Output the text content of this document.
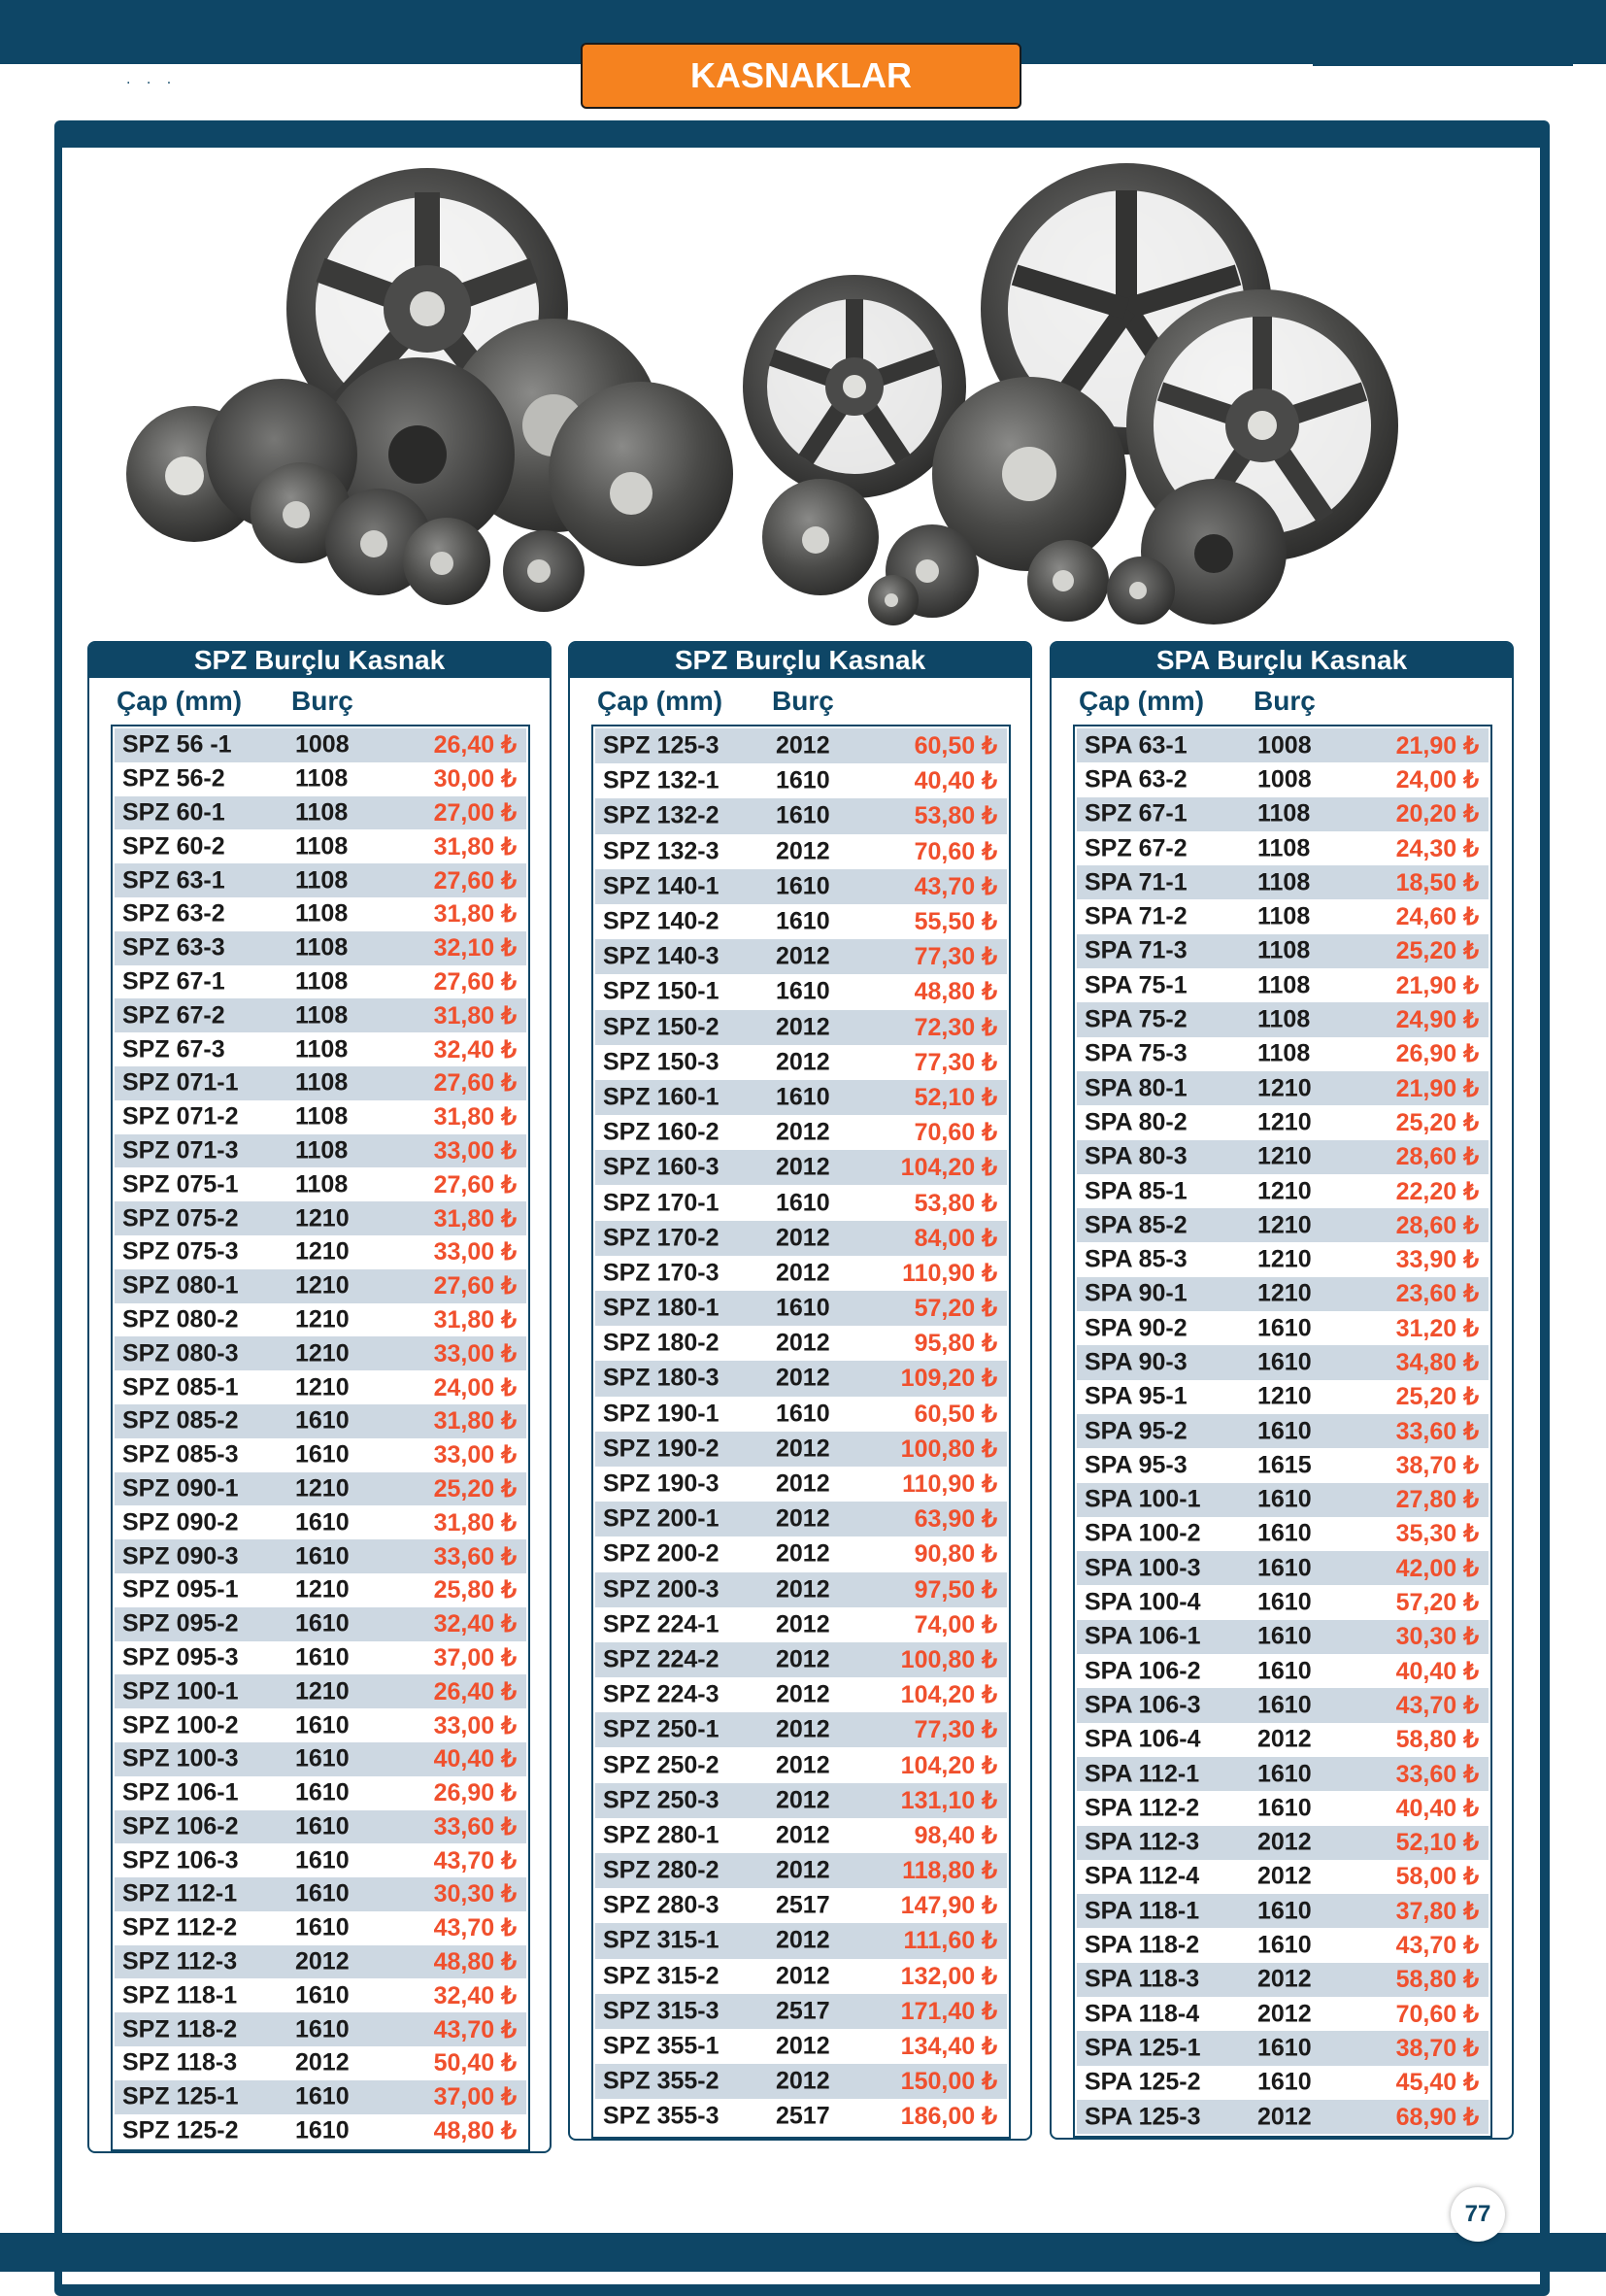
. . .	KASNAKLAR
SPZ Burçlu Kasnak
Çap (mm) Burç
SPZ 56 -1	1008	26,40 ₺
SPZ 56-2	1108	30,00 ₺
SPZ 60-1	1108	27,00 ₺
SPZ 60-2	1108	31,80 ₺
SPZ 63-1	1108	27,60 ₺
SPZ 63-2	1108	31,80 ₺
SPZ 63-3	1108	32,10 ₺
SPZ 67-1	1108	27,60 ₺
SPZ 67-2	1108	31,80 ₺
SPZ 67-3	1108	32,40 ₺
SPZ 071-1 1108	27,60 ₺
SPZ 071-2 1108	31,80 ₺
SPZ 071-3 1108	33,00 ₺
SPZ 075-1 1108	27,60 ₺
SPZ 075-2 1210	31,80 ₺
SPZ 075-3 1210	33,00 ₺
SPZ 080-1 1210	27,60 ₺
SPZ 080-2 1210	31,80 ₺
SPZ 080-3 1210	33,00 ₺
SPZ 085-1 1210	24,00 ₺
SPZ 085-2 1610	31,80 ₺
SPZ 085-3 1610	33,00 ₺
SPZ 090-1 1210	25,20 ₺
SPZ 090-2 1610	31,80 ₺
SPZ 090-3 1610	33,60 ₺
SPZ 095-1 1210	25,80 ₺
SPZ 095-2 1610	32,40 ₺
SPZ 095-3 1610	37,00 ₺
SPZ 100-1 1210	26,40 ₺
SPZ 100-2 1610	33,00 ₺
SPZ 100-3 1610	40,40 ₺
SPZ 106-1 1610	26,90 ₺
SPZ 106-2 1610	33,60 ₺
SPZ 106-3 1610	43,70 ₺
SPZ 112-1 1610	30,30 ₺
SPZ 112-2 1610	43,70 ₺
SPZ 112-3 2012	48,80 ₺
SPZ 118-1 1610	32,40 ₺
SPZ 118-2 1610	43,70 ₺
SPZ 118-3 2012	50,40 ₺
SPZ 125-1 1610	37,00 ₺
SPZ 125-2 1610	48,80 ₺
SPZ Burçlu Kasnak
Çap (mm) Burç
SPZ 125-3 2012	60,50 ₺
SPZ 132-1 1610	40,40 ₺
SPZ 132-2 1610	53,80 ₺
SPZ 132-3 2012	70,60 ₺
SPZ 140-1 1610	43,70 ₺
SPZ 140-2 1610	55,50 ₺
SPZ 140-3 2012	77,30 ₺
SPZ 150-1 1610	48,80 ₺
SPZ 150-2 2012	72,30 ₺
SPZ 150-3 2012	77,30 ₺
SPZ 160-1 1610	52,10 ₺
SPZ 160-2 2012	70,60 ₺
SPZ 160-3 2012	104,20 ₺
SPZ 170-1 1610	53,80 ₺
SPZ 170-2 2012	84,00 ₺
SPZ 170-3 2012	110,90 ₺
SPZ 180-1 1610	57,20 ₺
SPZ 180-2 2012	95,80 ₺
SPZ 180-3 2012	109,20 ₺
SPZ 190-1 1610	60,50 ₺
SPZ 190-2 2012	100,80 ₺
SPZ 190-3 2012	110,90 ₺
SPZ 200-1 2012	63,90 ₺
SPZ 200-2 2012	90,80 ₺
SPZ 200-3 2012	97,50 ₺
SPZ 224-1 2012	74,00 ₺
SPZ 224-2 2012	100,80 ₺
SPZ 224-3 2012	104,20 ₺
SPZ 250-1 2012	77,30 ₺
SPZ 250-2 2012	104,20 ₺
SPZ 250-3 2012	131,10 ₺
SPZ 280-1 2012	98,40 ₺
SPZ 280-2 2012	118,80 ₺
SPZ 280-3 2517	147,90 ₺
SPZ 315-1 2012	111,60 ₺
SPZ 315-2 2012	132,00 ₺
SPZ 315-3 2517	171,40 ₺
SPZ 355-1 2012	134,40 ₺
SPZ 355-2 2012	150,00 ₺
SPZ 355-3 2517	186,00 ₺
SPA Burçlu Kasnak
Çap (mm) Burç
SPA 63-1	1008	21,90 ₺
SPA 63-2	1008	24,00 ₺
SPZ 67-1	1108	20,20 ₺
SPZ 67-2	1108	24,30 ₺
SPA 71-1	1108	18,50 ₺
SPA 71-2	1108	24,60 ₺
SPA 71-3	1108	25,20 ₺
SPA 75-1	1108	21,90 ₺
SPA 75-2	1108	24,90 ₺
SPA 75-3	1108	26,90 ₺
SPA 80-1	1210	21,90 ₺
SPA 80-2	1210	25,20 ₺
SPA 80-3	1210	28,60 ₺
SPA 85-1	1210	22,20 ₺
SPA 85-2	1210	28,60 ₺
SPA 85-3	1210	33,90 ₺
SPA 90-1	1210	23,60 ₺
SPA 90-2	1610	31,20 ₺
SPA 90-3	1610	34,80 ₺
SPA 95-1	1210	25,20 ₺
SPA 95-2	1610	33,60 ₺
SPA 95-3	1615	38,70 ₺
SPA 100-1 1610	27,80 ₺
SPA 100-2 1610	35,30 ₺
SPA 100-3 1610	42,00 ₺
SPA 100-4 1610	57,20 ₺
SPA 106-1 1610	30,30 ₺
SPA 106-2 1610	40,40 ₺
SPA 106-3 1610	43,70 ₺
SPA 106-4 2012	58,80 ₺
SPA 112-1 1610	33,60 ₺
SPA 112-2 1610	40,40 ₺
SPA 112-3 2012	52,10 ₺
SPA 112-4 2012	58,00 ₺
SPA 118-1 1610	37,80 ₺
SPA 118-2 1610	43,70 ₺
SPA 118-3 2012	58,80 ₺
SPA 118-4 2012	70,60 ₺
SPA 125-1 1610	38,70 ₺
SPA 125-2 1610	45,40 ₺
SPA 125-3 2012	68,90 ₺
77
